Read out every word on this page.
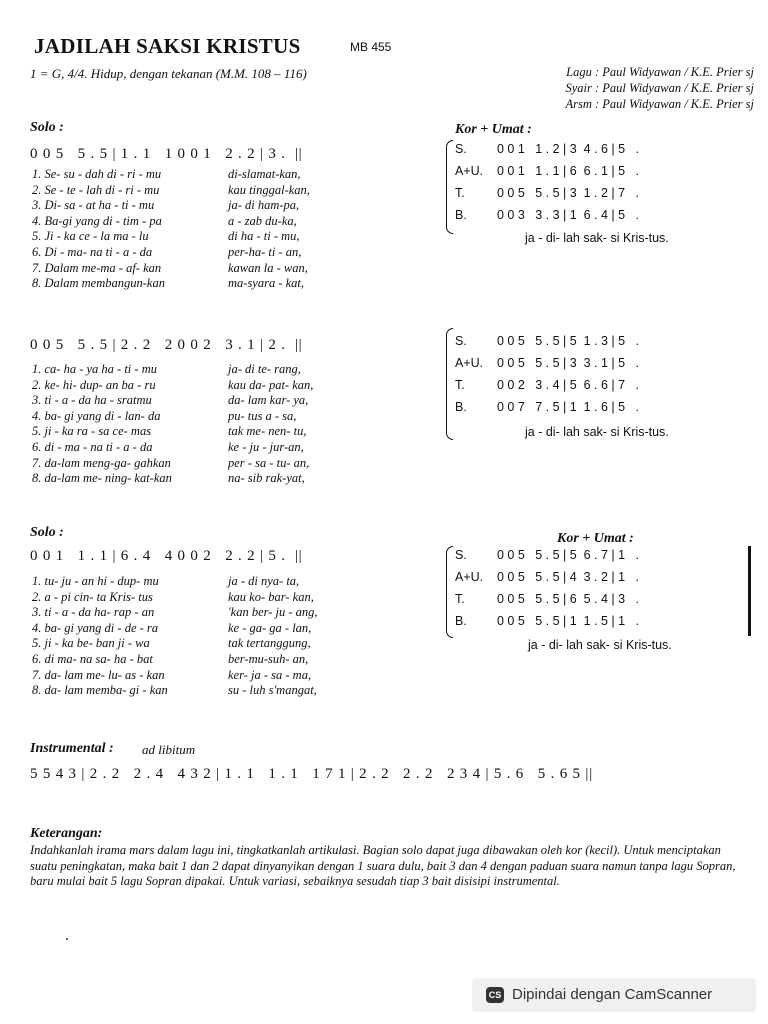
JADILAH SAKSI KRISTUS	MB 455
1 = G, 4/4. Hidup, dengan tekanan (M.M. 108 – 116)	Lagu : Paul Widyawan / K.E. Prier sj
Syair : Paul Widyawan / K.E. Prier sj
Arsm : Paul Widyawan / K.E. Prier sj
Solo :
0 0 5   5 . 5 | 1 . 1   1 0 0 1   2 . 2 | 3 .  ||
1. Se- su - dah di - ri - mu	di-slamat-kan,
2. Se - te - lah di - ri - mu	kau tinggal-kan,
3. Di- sa - at ha - ti - mu	ja- di ham-pa,
4. Ba-gi yang di - tim - pa	a - zab du-ka,
5. Ji - ka ce - la ma - lu	di ha - ti - mu,
6. Di - ma- na ti - a - da	per-ha- ti - an,
7. Dalam me-ma - af- kan	kawan la - wan,
8. Dalam membangun-kan	ma-syara - kat,
Kor + Umat :
S. 0 0 1   1 . 2 | 3  4 . 6 | 5   .
A+U. 0 0 1   1 . 1 | 6  6 . 1 | 5   .
T.	0 0 5   5 . 5 | 3  1 . 2 | 7   .
B. 0 0 3   3 . 3 | 1  6 . 4 | 5   .
ja - di- lah sak- si Kris-tus.
0 0 5   5 . 5 | 2 . 2   2 0 0 2   3 . 1 | 2 .  ||
1. ca- ha - ya ha - ti - mu	ja- di te- rang,
2. ke- hi- dup- an ba - ru	kau da- pat- kan,
3. ti - a - da ha - sratmu	da- lam kar- ya,
4. ba- gi yang di - lan- da	pu- tus a - sa,
5. ji - ka ra - sa ce- mas	tak me- nen- tu,
6. di - ma - na ti - a - da	ke - ju - jur-an,
7. da-lam meng-ga- gahkan	per - sa - tu- an,
8. da-lam me- ning- kat-kan	na- sib rak-yat,
S. 0 0 5   5 . 5 | 5  1 . 3 | 5   .
A+U. 0 0 5   5 . 5 | 3  3 . 1 | 5   .
T.	0 0 2   3 . 4 | 5  6 . 6 | 7   .
B. 0 0 7   7 . 5 | 1  1 . 6 | 5   .
ja - di- lah sak- si Kris-tus.
Solo :
0 0 1   1 . 1 | 6 . 4   4 0 0 2   2 . 2 | 5 .  ||
1. tu- ju - an hi - dup- mu	ja - di nya- ta,
2. a - pi cin- ta Kris- tus	kau ko- bar- kan,
3. ti - a - da ha- rap - an	'kan ber- ju - ang,
4. ba- gi yang di - de - ra	ke - ga- ga - lan,
5. ji - ka be- ban ji - wa	tak tertanggung,
6. di ma- na sa- ha - bat	ber-mu-suh- an,
7. da- lam me- lu- as - kan	ker- ja - sa - ma,
8. da- lam memba- gi - kan	su - luh s'mangat,
Kor + Umat :
S. 0 0 5   5 . 5 | 5  6 . 7 | 1   .
A+U. 0 0 5   5 . 5 | 4  3 . 2 | 1   .
T.	0 0 5   5 . 5 | 6  5 . 4 | 3   .
B. 0 0 5   5 . 5 | 1  1 . 5 | 1   .
ja - di- lah sak- si Kris-tus.
Instrumental : ad libitum
5 5 4 3 | 2 . 2   2 . 4   4 3 2 | 1 . 1   1 . 1   1 7 1 | 2 . 2   2 . 2   2 3 4 | 5 . 6   5 . 6 5 ||
Keterangan:
Indahkanlah irama mars dalam lagu ini, tingkatkanlah artikulasi. Bagian solo dapat juga dibawakan oleh kor (kecil). Untuk menciptakan suatu peningkatan, maka bait 1 dan 2 dapat dinyanyikan dengan 1 suara dulu, bait 3 dan 4 dengan paduan suara namun tanpa lagu Sopran, baru mulai bait 5 lagu Sopran dipakai. Untuk variasi, sebaiknya sesudah tiap 3 bait disisipi instrumental.
CS Dipindai dengan CamScanner
